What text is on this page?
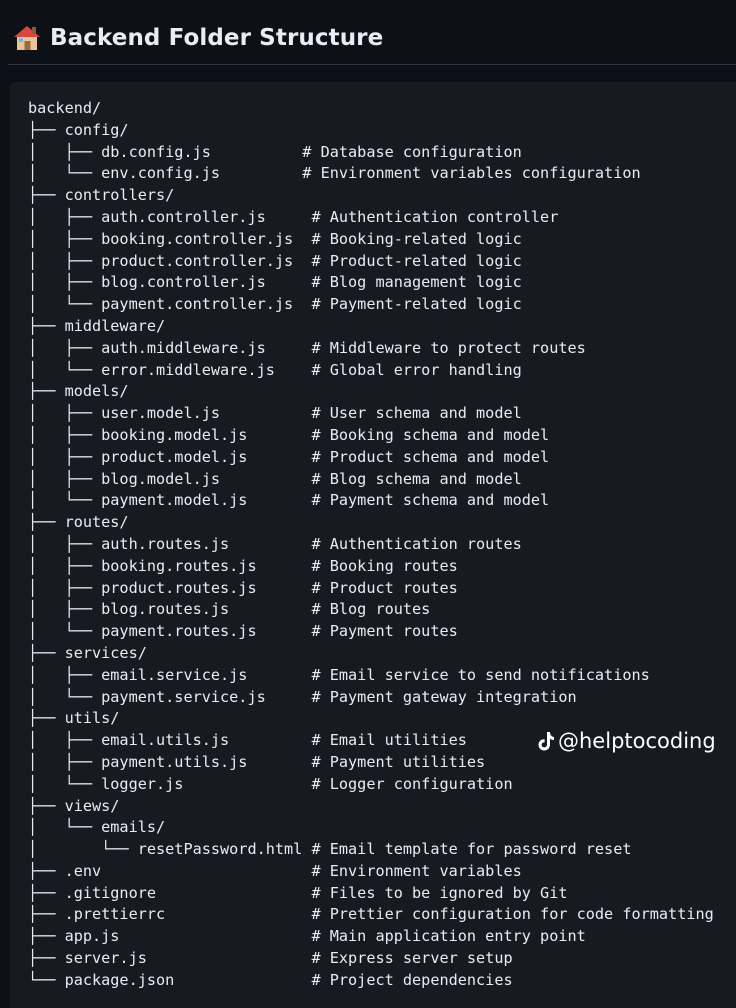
Backend Folder Structure
backend/
├── config/
│   ├── db.config.js          # Database configuration
│   └── env.config.js         # Environment variables configuration
├── controllers/
│   ├── auth.controller.js     # Authentication controller
│   ├── booking.controller.js  # Booking-related logic
│   ├── product.controller.js  # Product-related logic
│   ├── blog.controller.js     # Blog management logic
│   └── payment.controller.js  # Payment-related logic
├── middleware/
│   ├── auth.middleware.js     # Middleware to protect routes
│   └── error.middleware.js    # Global error handling
├── models/
│   ├── user.model.js          # User schema and model
│   ├── booking.model.js       # Booking schema and model
│   ├── product.model.js       # Product schema and model
│   ├── blog.model.js          # Blog schema and model
│   └── payment.model.js       # Payment schema and model
├── routes/
│   ├── auth.routes.js         # Authentication routes
│   ├── booking.routes.js      # Booking routes
│   ├── product.routes.js      # Product routes
│   ├── blog.routes.js         # Blog routes
│   └── payment.routes.js      # Payment routes
├── services/
│   ├── email.service.js       # Email service to send notifications
│   └── payment.service.js     # Payment gateway integration
├── utils/
│   ├── email.utils.js         # Email utilities
│   ├── payment.utils.js       # Payment utilities
│   └── logger.js              # Logger configuration
├── views/
│   └── emails/
│       └── resetPassword.html # Email template for password reset
├── .env                       # Environment variables
├── .gitignore                 # Files to be ignored by Git
├── .prettierrc                # Prettier configuration for code formatting
├── app.js                     # Main application entry point
├── server.js                  # Express server setup
└── package.json               # Project dependencies
@helptocoding
